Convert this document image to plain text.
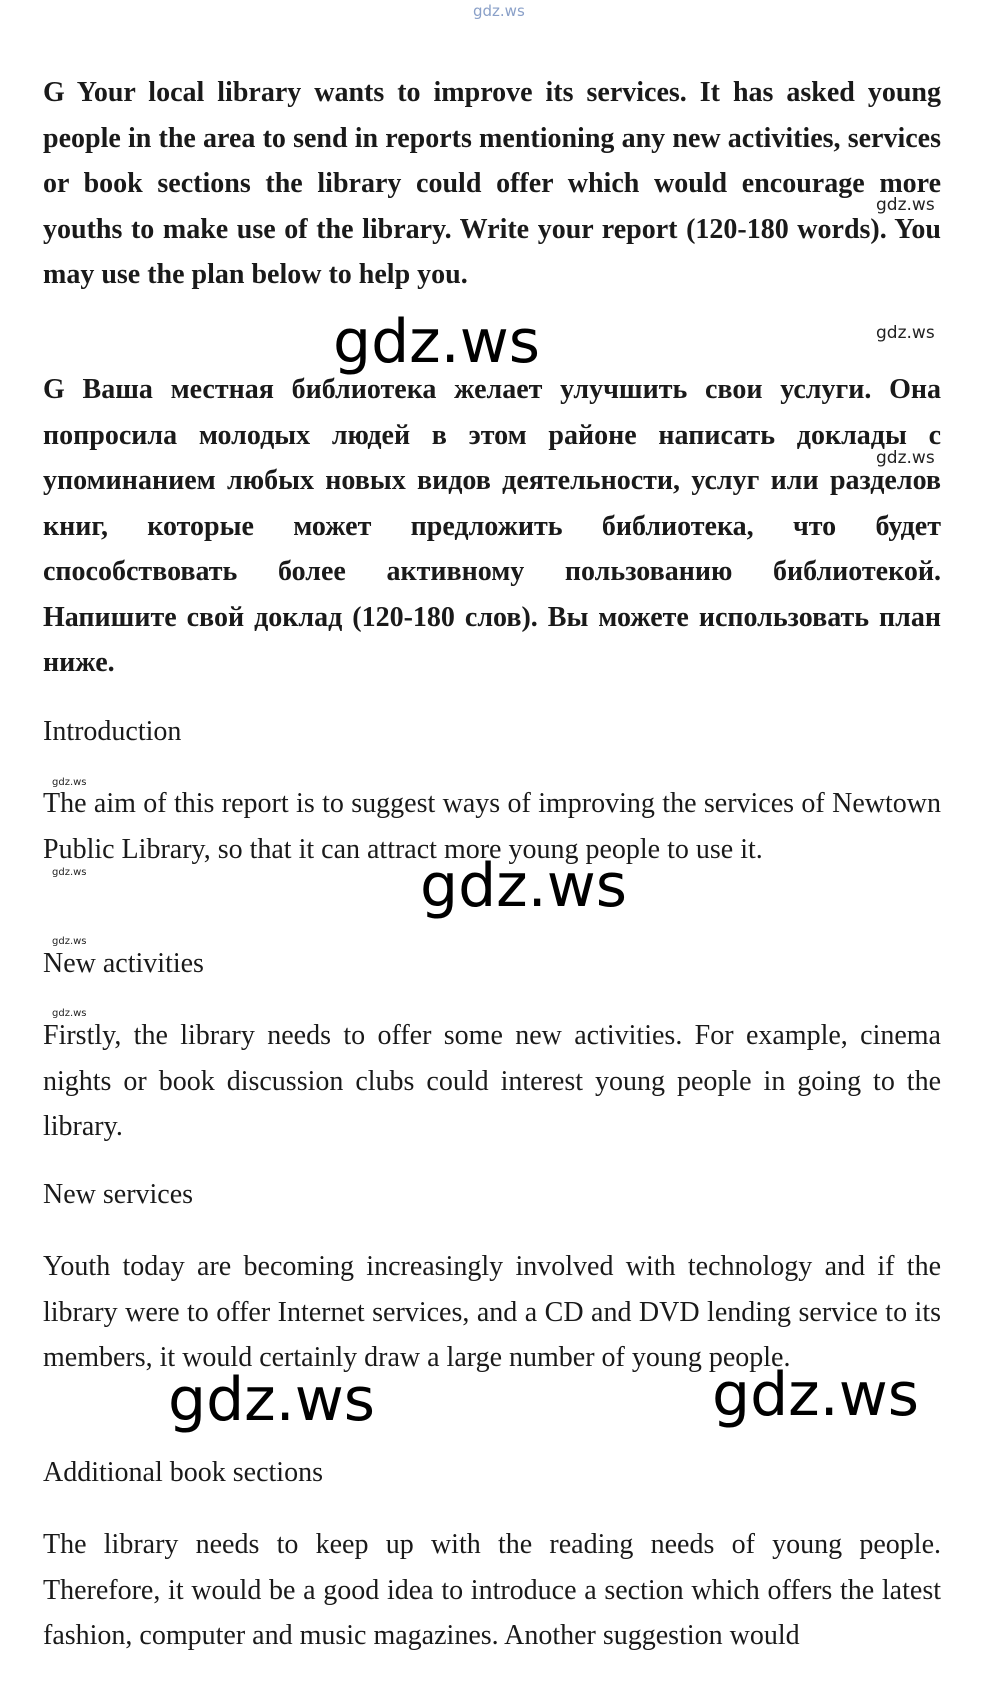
gdz.ws

G Your local library wants to improve its services. It has asked young people in the area to send in reports mentioning any new activities, services or book sections the library could offer which would encourage more youths to make use of the library. Write your report (120-180 words). You may use the plan below to help you.

G Ваша местная библиотека желает улучшить свои услуги. Она попросила молодых людей в этом районе написать доклады с упоминанием любых новых видов деятельности, услуг или разделов книг, которые может предложить библиотека, что будет способствовать более активному пользованию библиотекой. Напишите свой доклад (120-180 слов). Вы можете использовать план ниже.

Introduction

The aim of this report is to suggest ways of improving the services of Newtown Public Library, so that it can attract more young people to use it.

New activities

Firstly, the library needs to offer some new activities. For example, cinema nights or book discussion clubs could interest young people in going to the library.

New services

Youth today are becoming increasingly involved with technology and if the library were to offer Internet services, and a CD and DVD lending service to its members, it would certainly draw a large number of young people.

Additional book sections

The library needs to keep up with the reading needs of young people. Therefore, it would be a good idea to introduce a section which offers the latest fashion, computer and music magazines. Another suggestion would

gdz.ws
gdz.ws	gdz.ws
gdz.ws
gdz.ws
gdz.ws	gdz.ws
gdz.ws
gdz.ws
gdz.ws	gdz.ws
